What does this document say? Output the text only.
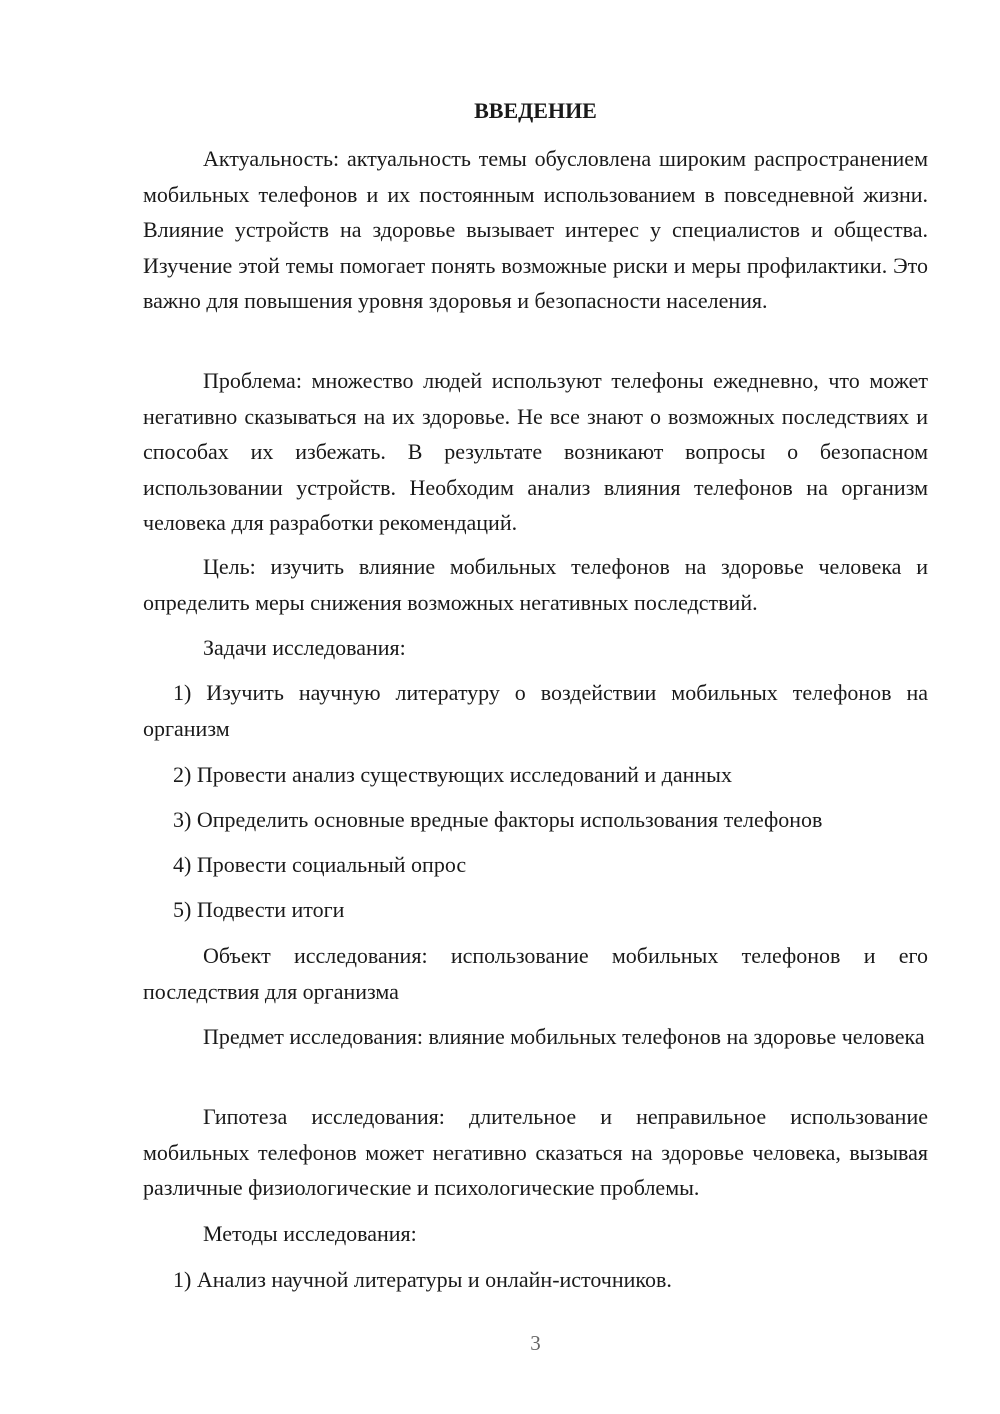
ВВЕДЕНИЕ

Актуальность: актуальность темы обусловлена широким распространением мобильных телефонов и их постоянным использованием в повседневной жизни. Влияние устройств на здоровье вызывает интерес у специалистов и общества. Изучение этой темы помогает понять возможные риски и меры профилактики. Это важно для повышения уровня здоровья и безопасности населения.

Проблема: множество людей используют телефоны ежедневно, что может негативно сказываться на их здоровье. Не все знают о возможных последствиях и способах их избежать. В результате возникают вопросы о безопасном использовании устройств. Необходим анализ влияния телефонов на организм человека для разработки рекомендаций.

Цель: изучить влияние мобильных телефонов на здоровье человека и определить меры снижения возможных негативных последствий.

Задачи исследования:

1) Изучить научную литературу о воздействии мобильных телефонов на организм

2) Провести анализ существующих исследований и данных

3) Определить основные вредные факторы использования телефонов

4) Провести социальный опрос

5) Подвести итоги

Объект исследования: использование мобильных телефонов и его последствия для организма

Предмет исследования: влияние мобильных телефонов на здоровье человека

Гипотеза исследования: длительное и неправильное использование мобильных телефонов может негативно сказаться на здоровье человека, вызывая различные физиологические и психологические проблемы.

Методы исследования:

1) Анализ научной литературы и онлайн-источников.

3
